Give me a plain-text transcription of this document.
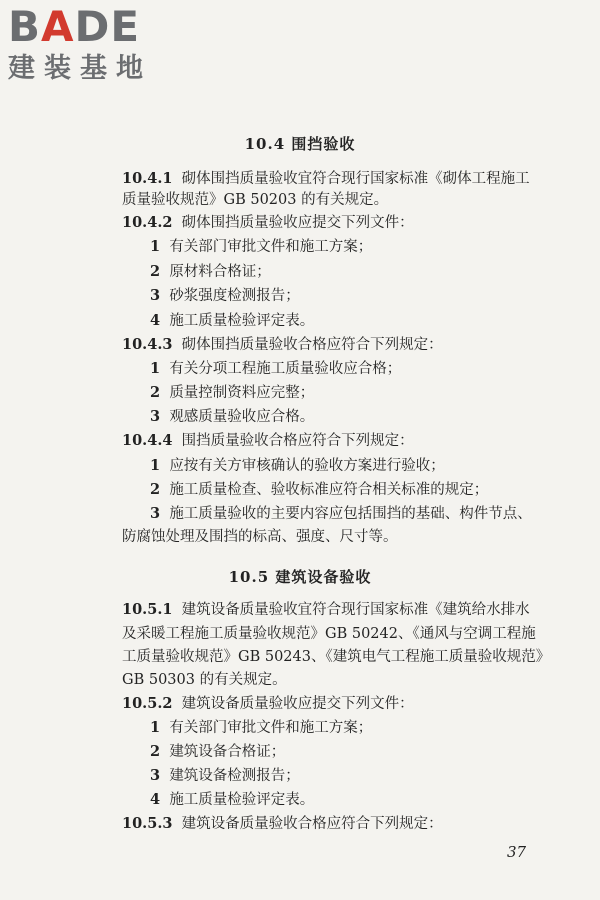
BADE
建装基地
10.4 围挡验收
10.4.1 砌体围挡质量验收宜符合现行国家标准《砌体工程施工
质量验收规范》GB 50203 的有关规定。
10.4.2 砌体围挡质量验收应提交下列文件：
1 有关部门审批文件和施工方案；
2 原材料合格证；
3 砂浆强度检测报告；
4 施工质量检验评定表。
10.4.3 砌体围挡质量验收合格应符合下列规定：
1 有关分项工程施工质量验收应合格；
2 质量控制资料应完整；
3 观感质量验收应合格。
10.4.4 围挡质量验收合格应符合下列规定：
1 应按有关方审核确认的验收方案进行验收；
2 施工质量检查、验收标准应符合相关标准的规定；
3 施工质量验收的主要内容应包括围挡的基础、构件节点、
防腐蚀处理及围挡的标高、强度、尺寸等。
10.5 建筑设备验收
10.5.1 建筑设备质量验收宜符合现行国家标准《建筑给水排水
及采暖工程施工质量验收规范》GB 50242、《通风与空调工程施
工质量验收规范》GB 50243、《建筑电气工程施工质量验收规范》
GB 50303 的有关规定。
10.5.2 建筑设备质量验收应提交下列文件：
1 有关部门审批文件和施工方案；
2 建筑设备合格证；
3 建筑设备检测报告；
4 施工质量检验评定表。
10.5.3 建筑设备质量验收合格应符合下列规定：
37
